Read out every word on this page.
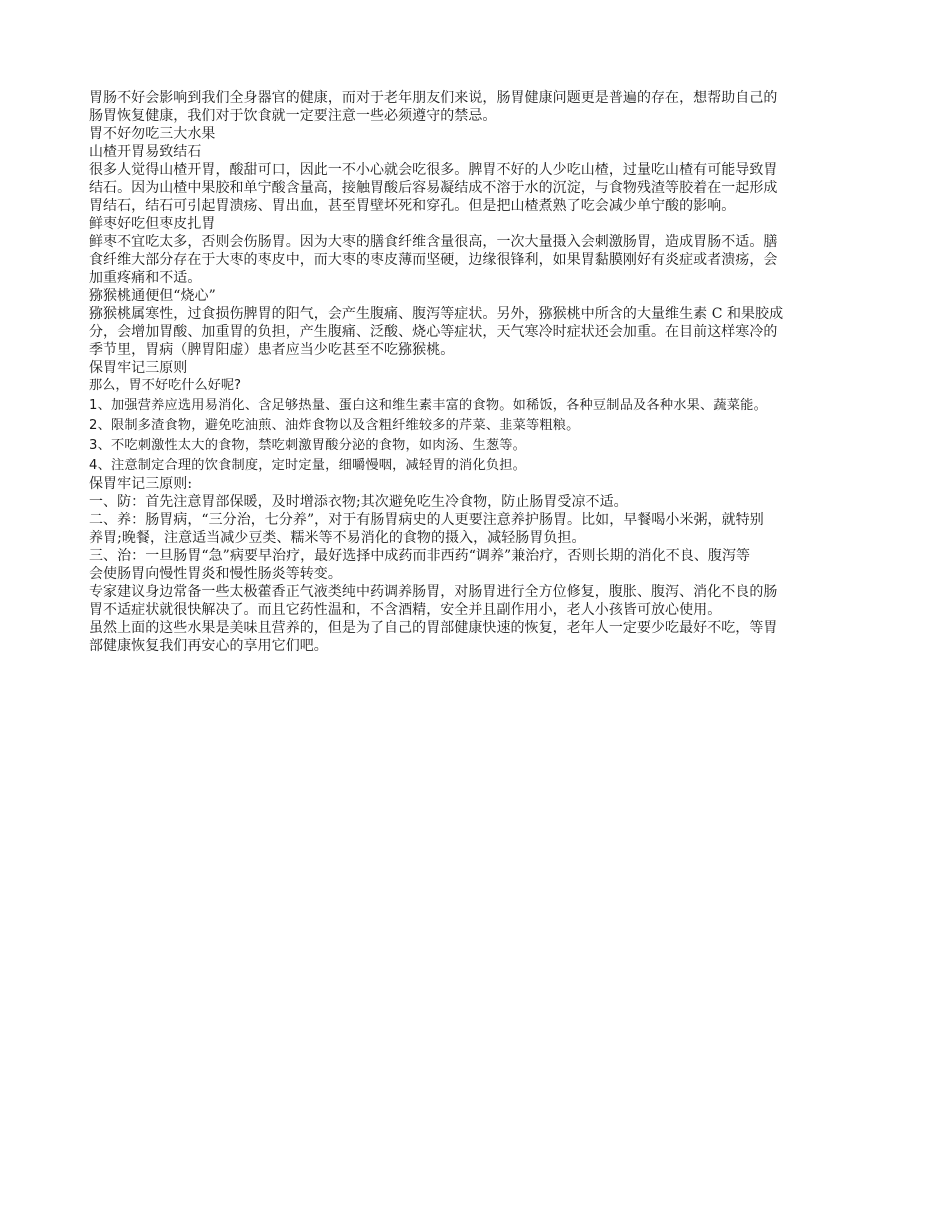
胃肠不好会影响到我们全身器官的健康，而对于老年朋友们来说，肠胃健康问题更是普遍的存在，想帮助自己的
肠胃恢复健康，我们对于饮食就一定要注意一些必须遵守的禁忌。
胃不好勿吃三大水果
山楂开胃易致结石
很多人觉得山楂开胃，酸甜可口，因此一不小心就会吃很多。脾胃不好的人少吃山楂，过量吃山楂有可能导致胃
结石。因为山楂中果胶和单宁酸含量高，接触胃酸后容易凝结成不溶于水的沉淀，与食物残渣等胶着在一起形成
胃结石，结石可引起胃溃疡、胃出血，甚至胃壁坏死和穿孔。但是把山楂煮熟了吃会减少单宁酸的影响。
鲜枣好吃但枣皮扎胃
鲜枣不宜吃太多，否则会伤肠胃。因为大枣的膳食纤维含量很高，一次大量摄入会刺激肠胃，造成胃肠不适。膳
食纤维大部分存在于大枣的枣皮中，而大枣的枣皮薄而坚硬，边缘很锋利，如果胃黏膜刚好有炎症或者溃疡，会
加重疼痛和不适。
猕猴桃通便但“烧心”
猕猴桃属寒性，过食损伤脾胃的阳气，会产生腹痛、腹泻等症状。另外，猕猴桃中所含的大量维生素 C 和果胶成
分，会增加胃酸、加重胃的负担，产生腹痛、泛酸、烧心等症状，天气寒冷时症状还会加重。在目前这样寒冷的
季节里，胃病（脾胃阳虚）患者应当少吃甚至不吃猕猴桃。
保胃牢记三原则
那么，胃不好吃什么好呢?
1、加强营养应选用易消化、含足够热量、蛋白这和维生素丰富的食物。如稀饭，各种豆制品及各种水果、蔬菜能。
2、限制多渣食物，避免吃油煎、油炸食物以及含粗纤维较多的芹菜、韭菜等粗粮。
3、不吃刺激性太大的食物，禁吃刺激胃酸分泌的食物，如肉汤、生葱等。
4、注意制定合理的饮食制度，定时定量，细嚼慢咽，减轻胃的消化负担。
保胃牢记三原则:
一、防：首先注意胃部保暖，及时增添衣物;其次避免吃生冷食物，防止肠胃受凉不适。
二、养：肠胃病，“三分治，七分养”，对于有肠胃病史的人更要注意养护肠胃。比如，早餐喝小米粥，就特别
养胃;晚餐，注意适当减少豆类、糯米等不易消化的食物的摄入，减轻肠胃负担。
三、治：一旦肠胃“急”病要早治疗，最好选择中成药而非西药“调养”兼治疗，否则长期的消化不良、腹泻等
会使肠胃向慢性胃炎和慢性肠炎等转变。
专家建议身边常备一些太极藿香正气液类纯中药调养肠胃，对肠胃进行全方位修复，腹胀、腹泻、消化不良的肠
胃不适症状就很快解决了。而且它药性温和，不含酒精，安全并且副作用小，老人小孩皆可放心使用。
虽然上面的这些水果是美味且营养的，但是为了自己的胃部健康快速的恢复，老年人一定要少吃最好不吃，等胃
部健康恢复我们再安心的享用它们吧。
